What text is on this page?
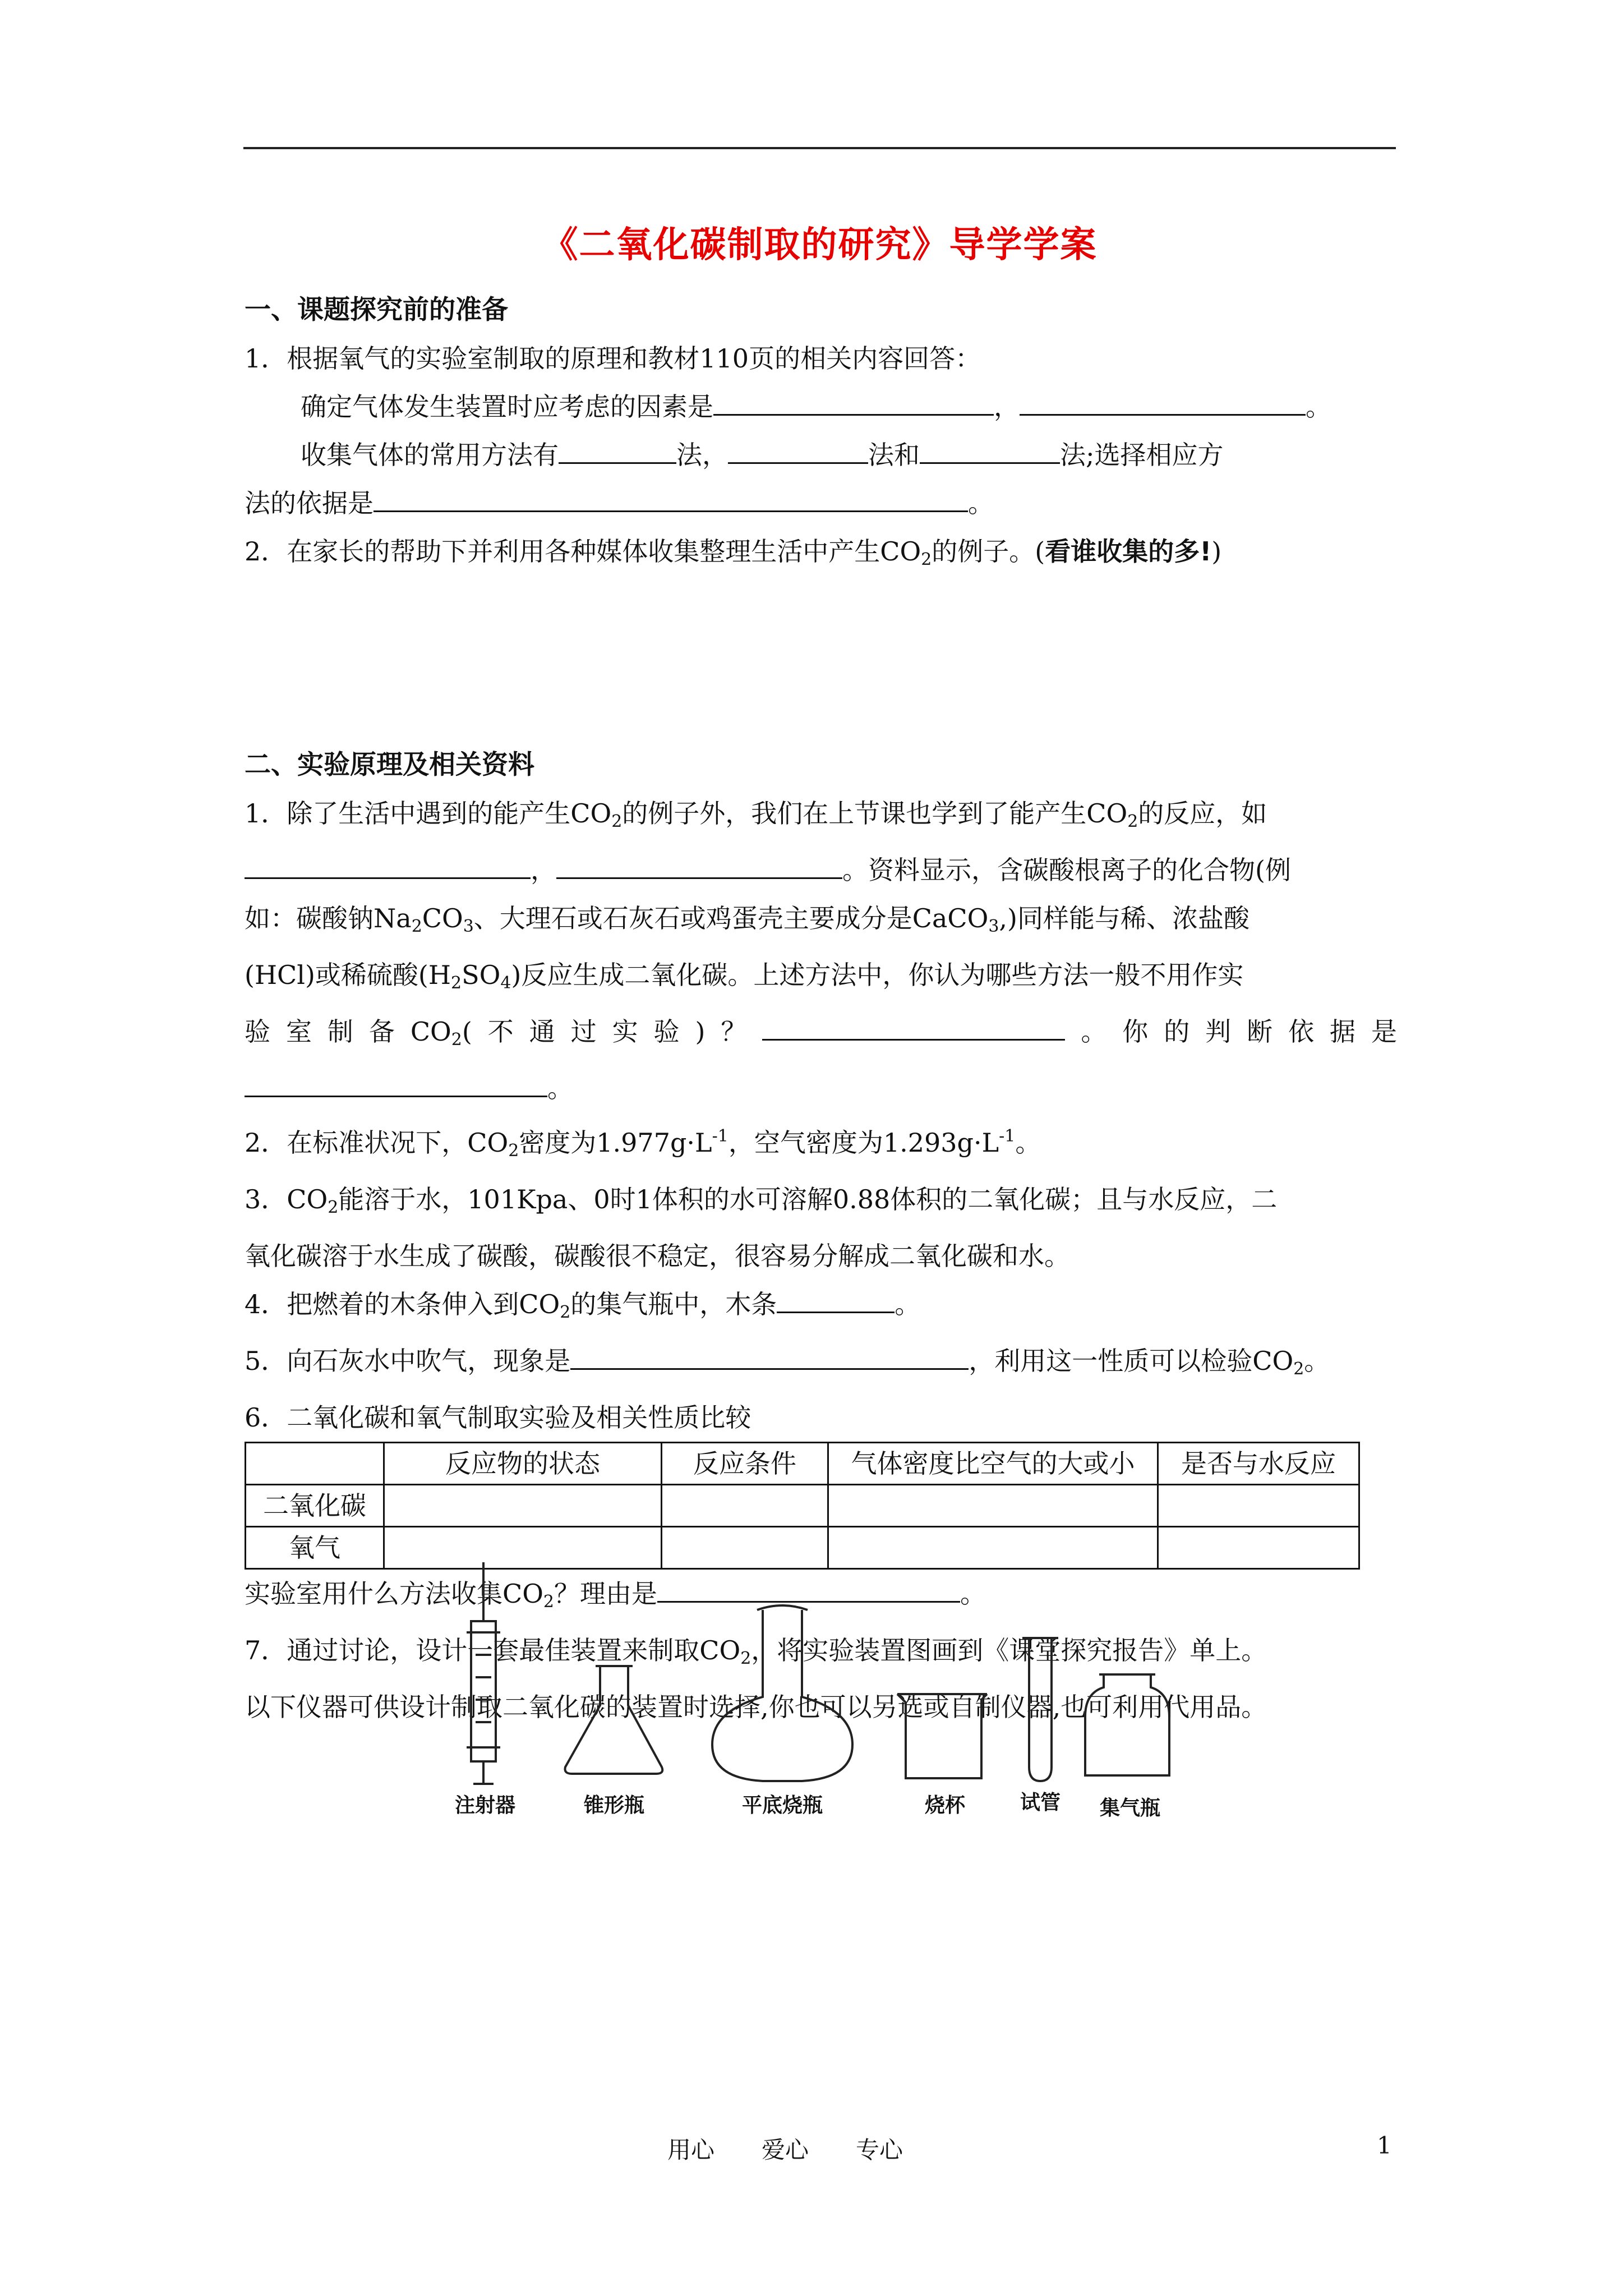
《二氧化碳制取的研究》导学学案

一、课题探究前的准备

1．根据氧气的实验室制取的原理和教材110页的相关内容回答：

确定气体发生装置时应考虑的因素是	，	。

收集气体的常用方法有	法，	法和	法;选择相应方

法的依据是	。

2．在家长的帮助下并利用各种媒体收集整理生活中产生$CO_2$的例子。(看谁收集的多!)

二、实验原理及相关资料

1．除了生活中遇到的能产生$CO_2$的例子外，我们在上节课也学到了能产生$CO_2$的反应，如

，	。资料显示，含碳酸根离子的化合物(例

如：碳酸钠$Na_2CO_3$、大理石或石灰石或鸡蛋壳主要成分是CaCO$_3$,)同样能与稀、浓盐酸

(HCl)或稀硫酸$(H_2SO_4)$反应生成二氧化碳。上述方法中，你认为哪些方法一般不用作实

验室制备$CO_2$(不通过实验)？	。你的判断依据是

。

2．在标准状况下，$CO_2$密度为$1.977g\cdot L^{-1}$，空气密度为$1.293g\cdot L^{-1}$。

3．$CO_2$能溶于水，101Kpa、0时1体积的水可溶解0.88体积的二氧化碳；且与水反应，二

氧化碳溶于水生成了碳酸，碳酸很不稳定，很容易分解成二氧化碳和水。

4．把燃着的木条伸入到$CO_2$的集气瓶中，木条	。

5．向石灰水中吹气，现象是	，利用这一性质可以检验$CO_2$。

6．二氧化碳和氧气制取实验及相关性质比较

	反应物的状态	反应条件	气体密度比空气的大或小	是否与水反应
二氧化碳				
氧气				

实验室用什么方法收集$CO_2$？理由是	。

7．通过讨论，设计一套最佳装置来制取$CO_2$，将实验装置图画到《课堂探究报告》单上。

以下仪器可供设计制取二氧化碳的装置时选择,你也可以另选或自制仪器,也可利用代用品。

注射器	锥形瓶	平底烧瓶	烧杯	试管	集气瓶
用心　　爱心　　专心	1
